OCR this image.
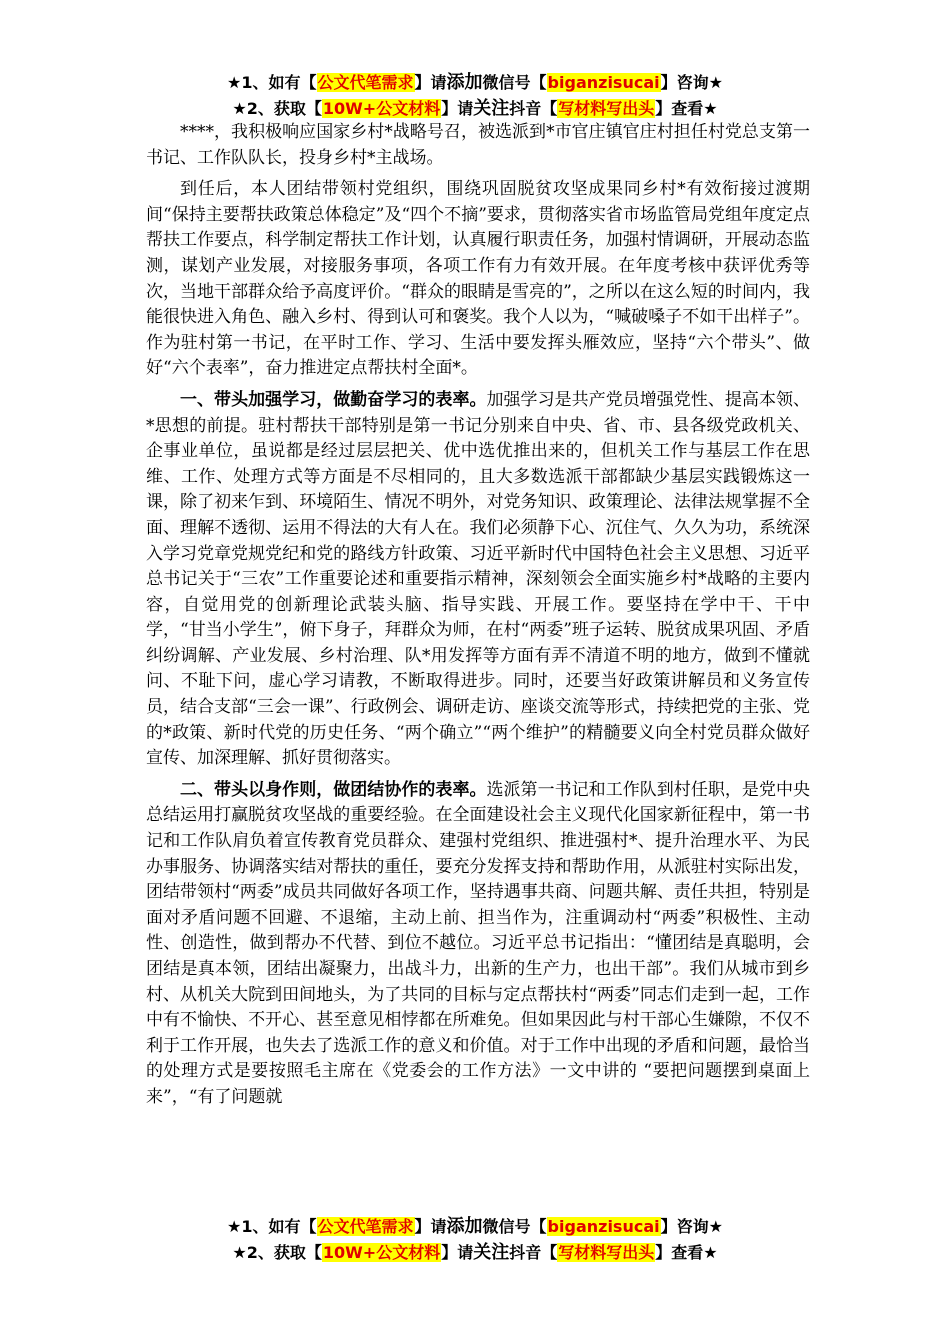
★1、如有【公文代笔需求】请添加微信号【biganzisucai】咨询★
★2、获取【10W+公文材料】请关注抖音【写材料写出头】查看★

****，我积极响应国家乡村*战略号召，被选派到*市官庄镇官庄村担任村党总支第一书记、工作队队长，投身乡村*主战场。

到任后，本人团结带领村党组织，围绕巩固脱贫攻坚成果同乡村*有效衔接过渡期间“保持主要帮扶政策总体稳定”及“四个不摘”要求，贯彻落实省市场监管局党组年度定点帮扶工作要点，科学制定帮扶工作计划，认真履行职责任务，加强村情调研，开展动态监测，谋划产业发展，对接服务事项，各项工作有力有效开展。在年度考核中获评优秀等次，当地干部群众给予高度评价。“群众的眼睛是雪亮的”，之所以在这么短的时间内，我能很快进入角色、融入乡村、得到认可和褒奖。我个人以为，“喊破嗓子不如干出样子”。作为驻村第一书记，在平时工作、学习、生活中要发挥头雁效应，坚持“六个带头”、做好“六个表率”，奋力推进定点帮扶村全面*。

一、带头加强学习，做勤奋学习的表率。加强学习是共产党员增强党性、提高本领、*思想的前提。驻村帮扶干部特别是第一书记分别来自中央、省、市、县各级党政机关、企事业单位，虽说都是经过层层把关、优中选优推出来的，但机关工作与基层工作在思维、工作、处理方式等方面是不尽相同的，且大多数选派干部都缺少基层实践锻炼这一课，除了初来乍到、环境陌生、情况不明外，对党务知识、政策理论、法律法规掌握不全面、理解不透彻、运用不得法的大有人在。我们必须静下心、沉住气、久久为功，系统深入学习党章党规党纪和党的路线方针政策、习近平新时代中国特色社会主义思想、习近平总书记关于“三农”工作重要论述和重要指示精神，深刻领会全面实施乡村*战略的主要内容，自觉用党的创新理论武装头脑、指导实践、开展工作。要坚持在学中干、干中学，“甘当小学生”，俯下身子，拜群众为师，在村“两委”班子运转、脱贫成果巩固、矛盾纠纷调解、产业发展、乡村治理、队*用发挥等方面有弄不清道不明的地方，做到不懂就问、不耻下问，虚心学习请教，不断取得进步。同时，还要当好政策讲解员和义务宣传员，结合支部“三会一课”、行政例会、调研走访、座谈交流等形式，持续把党的主张、党的*政策、新时代党的历史任务、“两个确立”“两个维护”的精髓要义向全村党员群众做好宣传、加深理解、抓好贯彻落实。

二、带头以身作则，做团结协作的表率。选派第一书记和工作队到村任职，是党中央总结运用打赢脱贫攻坚战的重要经验。在全面建设社会主义现代化国家新征程中，第一书记和工作队肩负着宣传教育党员群众、建强村党组织、推进强村*、提升治理水平、为民办事服务、协调落实结对帮扶的重任，要充分发挥支持和帮助作用，从派驻村实际出发，团结带领村“两委”成员共同做好各项工作，坚持遇事共商、问题共解、责任共担，特别是面对矛盾问题不回避、不退缩，主动上前、担当作为，注重调动村“两委”积极性、主动性、创造性，做到帮办不代替、到位不越位。习近平总书记指出：“懂团结是真聪明，会团结是真本领，团结出凝聚力，出战斗力，出新的生产力，也出干部”。我们从城市到乡村、从机关大院到田间地头，为了共同的目标与定点帮扶村“两委”同志们走到一起，工作中有不愉快、不开心、甚至意见相悖都在所难免。但如果因此与村干部心生嫌隙，不仅不利于工作开展，也失去了选派工作的意义和价值。对于工作中出现的矛盾和问题，最恰当的处理方式是要按照毛主席在《党委会的工作方法》一文中讲的 “要把问题摆到桌面上来”，“有了问题就

★1、如有【公文代笔需求】请添加微信号【biganzisucai】咨询★
★2、获取【10W+公文材料】请关注抖音【写材料写出头】查看★
